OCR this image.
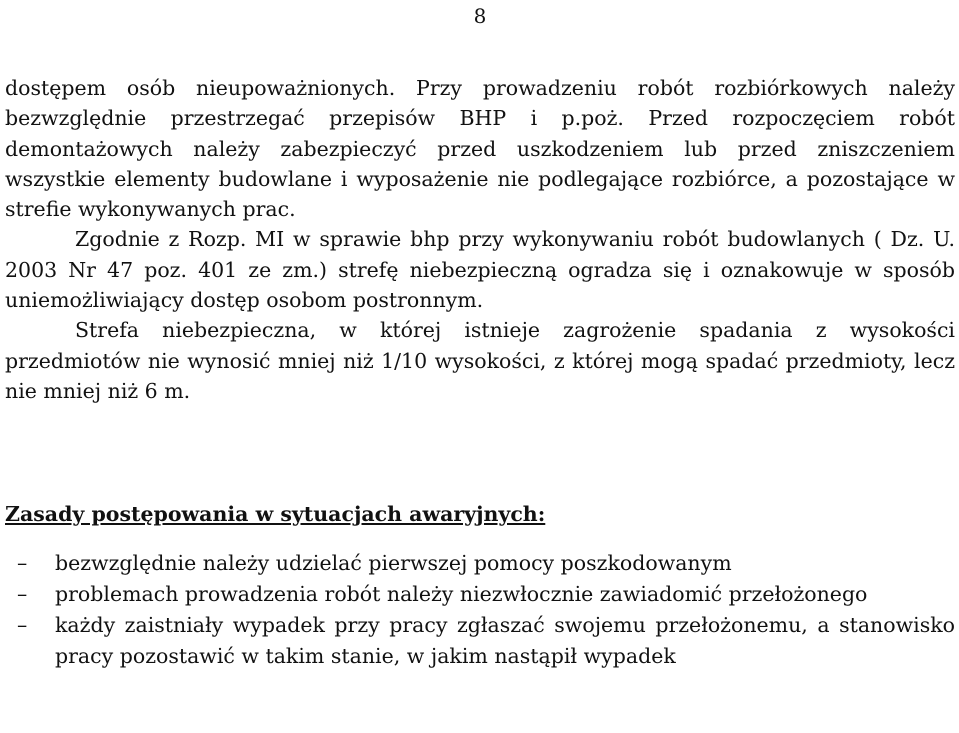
8

dostępem osób nieupoważnionych. Przy prowadzeniu robót rozbiórkowych należy bezwzględnie przestrzegać przepisów BHP i p.poż. Przed rozpoczęciem robót demontażowych należy zabezpieczyć przed uszkodzeniem lub przed zniszczeniem wszystkie elementy budowlane i wyposażenie nie podlegające rozbiórce, a pozostające w strefie wykonywanych prac.

Zgodnie z Rozp. MI w sprawie bhp przy wykonywaniu robót budowlanych ( Dz. U. 2003 Nr 47 poz. 401 ze zm.) strefę niebezpieczną ogradza się i oznakowuje w sposób uniemożliwiający dostęp osobom postronnym.

Strefa niebezpieczna, w której istnieje zagrożenie spadania z wysokości przedmiotów nie wynosić mniej niż 1/10 wysokości, z której mogą spadać przedmioty, lecz nie mniej niż 6 m.

Zasady postępowania w sytuacjach awaryjnych:
– bezwzględnie należy udzielać pierwszej pomocy poszkodowanym
– problemach prowadzenia robót należy niezwłocznie zawiadomić przełożonego
– każdy zaistniały wypadek przy pracy zgłaszać swojemu przełożonemu, a stanowisko pracy pozostawić w takim stanie, w jakim nastąpił wypadek
